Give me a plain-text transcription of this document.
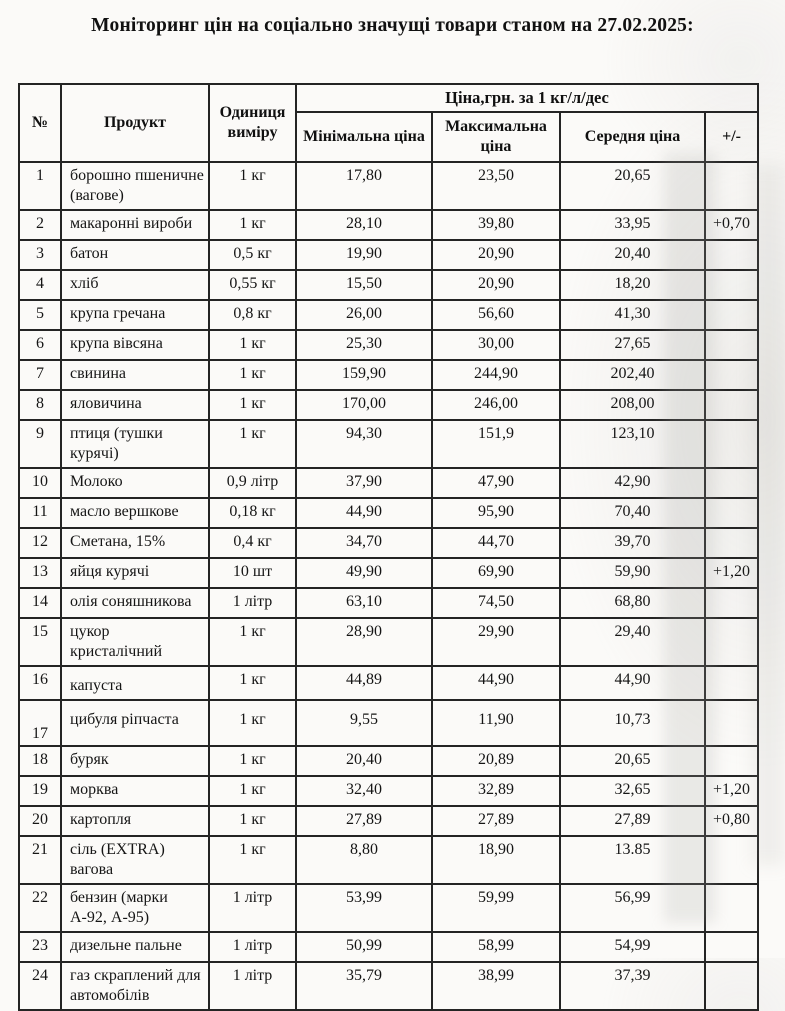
Моніторинг цін на соціально значущі товари станом на 27.02.2025:
№	Продукт	Одиниця виміру	Ціна,грн. за 1 кг/л/дес			
			Мінімальна ціна	Максимальна ціна	Середня ціна	+/-
1	борошно пшеничне (вагове)	1 кг	17,80	23,50	20,65	
2	макаронні вироби	1 кг	28,10	39,80	33,95	+0,70
3	батон	0,5 кг	19,90	20,90	20,40	
4	хліб	0,55 кг	15,50	20,90	18,20	
5	крупа гречана	0,8 кг	26,00	56,60	41,30	
6	крупа вівсяна	1 кг	25,30	30,00	27,65	
7	свинина	1 кг	159,90	244,90	202,40	
8	яловичина	1 кг	170,00	246,00	208,00	
9	птиця (тушки курячі)	1 кг	94,30	151,9	123,10	
10	Молоко	0,9 літр	37,90	47,90	42,90	
11	масло вершкове	0,18 кг	44,90	95,90	70,40	
12	Сметана, 15%	0,4 кг	34,70	44,70	39,70	
13	яйця курячі	10 шт	49,90	69,90	59,90	+1,20
14	олія соняшникова	1 літр	63,10	74,50	68,80	
15	цукор кристалічний	1 кг	28,90	29,90	29,40	
16	капуста	1 кг	44,89	44,90	44,90	
17	цибуля ріпчаста	1 кг	9,55	11,90	10,73	
18	буряк	1 кг	20,40	20,89	20,65	
19	морква	1 кг	32,40	32,89	32,65	+1,20
20	картопля	1 кг	27,89	27,89	27,89	+0,80
21	сіль (EXTRA) вагова	1 кг	8,80	18,90	13.85	
22	бензин (марки А-92, А-95)	1 літр	53,99	59,99	56,99	
23	дизельне пальне	1 літр	50,99	58,99	54,99	
24	газ скраплений для автомобілів	1 літр	35,79	38,99	37,39	
